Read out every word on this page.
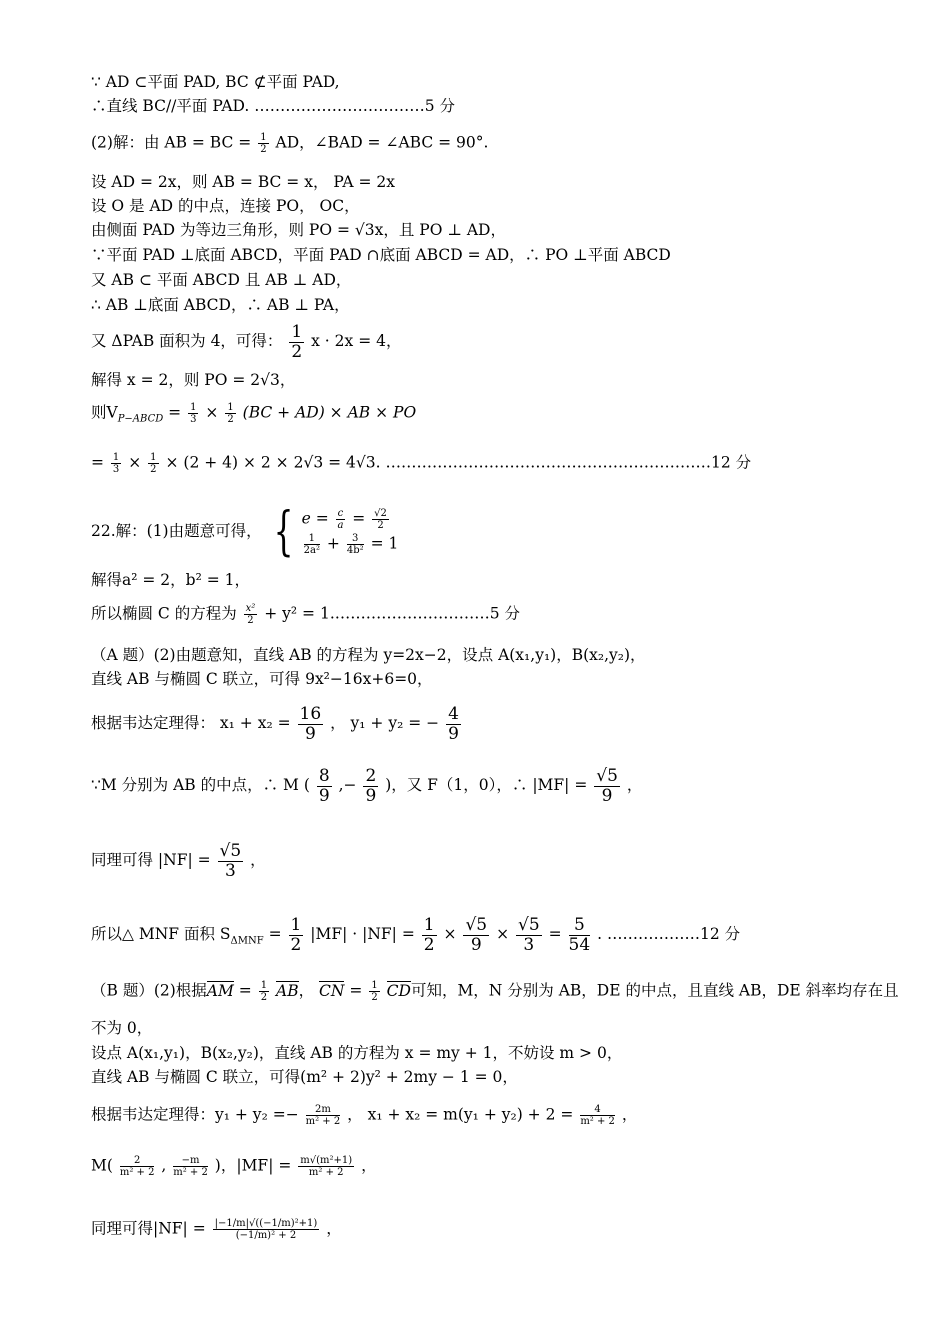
∵ AD ⊂平面 PAD, BC ⊄平面 PAD,
∴直线 BC//平面 PAD. ……………………………5 分
(2)解：由 AB = BC = $\frac{1}{2}$ AD，∠BAD = ∠ABC = 90°.
设 AD = 2x，则 AB = BC = x， PA = 2x
设 O 是 AD 的中点，连接 PO， OC，
由侧面 PAD 为等边三角形，则 PO = √3x，且 PO ⊥ AD，
∵平面 PAD ⊥底面 ABCD，平面 PAD ∩底面 ABCD = AD，∴ PO ⊥平面 ABCD
又 AB ⊂ 平面 ABCD 且 AB ⊥ AD，
∴ AB ⊥底面 ABCD，∴ AB ⊥ PA，
又 ΔPAB 面积为 4，可得： $\frac{1}{2}$ x · 2x = 4，
解得 x = 2，则 PO = 2√3，
则$V_{P-ABCD} = \frac{1}{3} \times \frac{1}{2} (BC + AD)$ × AB × PO
= $\frac{1}{3} \times \frac{1}{2} \times (2 + 4) \times 2 \times 2√3 = 4√3$. ………………………………………………………12 分
22.解：(1)由题意可得， { $e = \frac{c}{a} = \frac{√2}{2}$
$\frac{1}{\text{2a²}} + \frac{3}{\text{4b²}} = 1$
解得a² = 2，b² = 1，
所以椭圆 C 的方程为 $\frac{\text{x²}}{2} + y^2$ = 1.…………………………5 分
（A 题）(2)由题意知，直线 AB 的方程为 y=2x−2，设点 A(x₁,y₁)，B(x₂,y₂)，
直线 AB 与椭圆 C 联立，可得 9x²−16x+6=0，
根据韦达定理得： $x_1 + x_2 = \frac{16}{9}$ ， y₁ + y₂ = − $\frac{4}{9}$
∵M 分别为 AB 的中点，∴ M ( $\frac{8}{9}$ ,− $\frac{2}{9}$ )，又 F（1，0），∴ $|MF| = \frac{√5}{9}$ ，
同理可得 $|NF| = \frac{√5}{3}$ ，
所以△ MNF 面积 $S_{\Delta MNF} = \frac{1}{2} |MF| \cdot |NF| = \frac{1}{2} \times \frac{√5}{9} \times \frac{√5}{3} = \frac{5}{54}$ . ………………12 分
（B 题）(2)根据AM = $\frac{1}{2}$ AB， CN = $\frac{1}{2}$ CD可知，M，N 分别为 AB，DE 的中点，且直线 AB，DE 斜率均存在且
不为 0，
设点 A(x₁,y₁)，B(x₂,y₂)，直线 AB 的方程为 x = my + 1，不妨设 m > 0，
直线 AB 与椭圆 C 联立，可得(m² + 2)y² + 2my − 1 = 0，
根据韦达定理得：$y_1 + y_2 =- \frac{2m}{\text{m² + 2}}$ ， $x_1 + x_2 = m(y_1 + y_2) + 2 = \frac{4}{\text{m² + 2}}$ ，
$M( \frac{2}{\text{m² + 2}}$ , $\frac{-m}{\text{m² + 2}}$ )，$|MF| = \frac{\text{m√(m²+1)}}{\text{m² + 2}}$ ，
同理可得$|NF| = \frac{\text{|−1/m|√((−1/m)²+1)}}{\text{(−1/m)² + 2}}$ ，
